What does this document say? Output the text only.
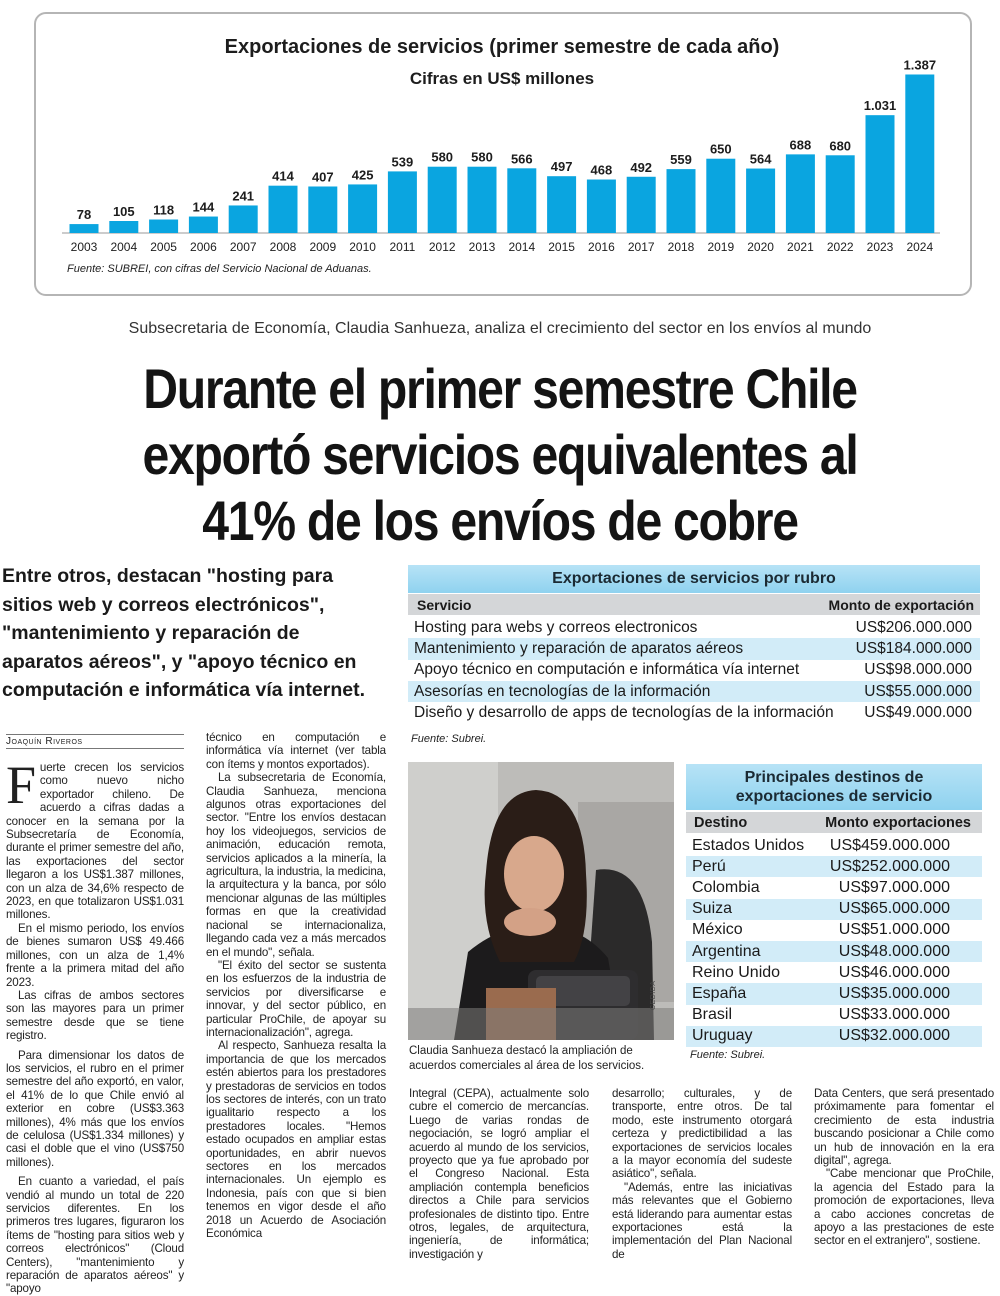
Exportaciones de servicios (primer semestre de cada año)
Cifras en US$ millones
78
2003
105
2004
118
2005
144
2006
241
2007
414
2008
407
2009
425
2010
539
2011
580
2012
580
2013
566
2014
497
2015
468
2016
492
2017
559
2018
650
2019
564
2020
688
2021
680
2022
1.031
2023
1.387
2024
Fuente: SUBREI, con cifras del Servicio Nacional de Aduanas.
Subsecretaria de Economía, Claudia Sanhueza, analiza el crecimiento del sector en los envíos al mundo
Durante el primer semestre Chile
exportó servicios equivalentes al
41% de los envíos de cobre
Entre otros, destacan "hosting para sitios web y correos electrónicos", "mantenimiento y reparación de aparatos aéreos", y "apoyo técnico en computación e informática vía internet.
Exportaciones de servicios por rubro
Servicio	Monto de exportación
Hosting para webs y correos electronicos	US$206.000.000
Mantenimiento y reparación de aparatos aéreos	US$184.000.000
Apoyo técnico en computación e informática vía internet	US$98.000.000
Asesorías en tecnologías de la información	US$55.000.000
Diseño y desarrollo de apps de tecnologías de la información US$49.000.000
Fuente: Subrei.
Principales destinos de
exportaciones de servicio
Destino	Monto exportaciones
Estados Unidos US$459.000.000
Perú	US$252.000.000
Colombia	US$97.000.000
Suiza	US$65.000.000
México	US$51.000.000
Argentina	US$48.000.000
Reino Unido	US$46.000.000
España	US$35.000.000
Brasil	US$33.000.000
Uruguay	US$32.000.000
Fuente: Subrei.
CEDIDA
Claudia Sanhueza destacó la ampliación de acuerdos comerciales al área de los servicios.
Joaquín Riveros

Fuerte crecen los servicios como nuevo nicho exportador chileno. De acuerdo a cifras dadas a conocer en la semana por la Subsecretaría de Economía, durante el primer semestre del año, las exportaciones del sector llegaron a los US$1.387 millones, con un alza de 34,6% respecto de 2023, en que totalizaron US$1.031 millones.

En el mismo periodo, los envíos de bienes sumaron US$ 49.466 millones, con un alza de 1,4% frente a la primera mitad del año 2023.

Las cifras de ambos sectores son las mayores para un primer semestre desde que se tiene registro.

Para dimensionar los datos de los servicios, el rubro en el primer semestre del año exportó, en valor, el 41% de lo que Chile envió al exterior en cobre (US$3.363 millones), 4% más que los envíos de celulosa (US$1.334 millones) y casi el doble que el vino (US$750 millones).

En cuanto a variedad, el país vendió al mundo un total de 220 servicios diferentes. En los primeros tres lugares, figuraron los ítems de "hosting para sitios web y correos electrónicos" (Cloud Centers), "mantenimiento y reparación de aparatos aéreos" y "apoyo

técnico en computación e informática vía internet (ver tabla con ítems y montos exportados).

La subsecretaria de Economía, Claudia Sanhueza, menciona algunos otras exportaciones del sector. "Entre los envíos destacan hoy los videojuegos, servicios de animación, educación remota, servicios aplicados a la minería, la agricultura, la industria, la medicina, la arquitectura y la banca, por sólo mencionar algunas de las múltiples formas en que la creatividad nacional se internacionaliza, llegando cada vez a más mercados en el mundo", señala.

"El éxito del sector se sustenta en los esfuerzos de la industria de servicios por diversificarse e innovar, y del sector público, en particular ProChile, de apoyar su internacionalización", agrega.

Al respecto, Sanhueza resalta la importancia de que los mercados estén abiertos para los prestadores y prestadoras de servicios en todos los sectores de interés, con un trato igualitario respecto a los prestadores locales. "Hemos estado ocupados en ampliar estas oportunidades, en abrir nuevos sectores en los mercados internacionales. Un ejemplo es Indonesia, país con que si bien tenemos en vigor desde el año 2018 un Acuerdo de Asociación Económica

Integral (CEPA), actualmente solo cubre el comercio de mercancías. Luego de varias rondas de negociación, se logró ampliar el acuerdo al mundo de los servicios, proyecto que ya fue aprobado por el Congreso Nacional. Esta ampliación contempla beneficios directos a Chile para servicios profesionales de distinto tipo. Entre otros, legales, de arquitectura, ingeniería, de informática; investigación y

desarrollo; culturales, y de transporte, entre otros. De tal modo, este instrumento otorgará certeza y predictibilidad a las exportaciones de servicios locales a la mayor economía del sudeste asiático", señala.

"Además, entre las iniciativas más relevantes que el Gobierno está liderando para aumentar estas exportaciones está la implementación del Plan Nacional de

Data Centers, que será presentado próximamente para fomentar el crecimiento de esta industria buscando posicionar a Chile como un hub de innovación en la era digital", agrega.

"Cabe mencionar que ProChile, la agencia del Estado para la promoción de exportaciones, lleva a cabo acciones concretas de apoyo a las prestaciones de este sector en el extranjero", sostiene.
